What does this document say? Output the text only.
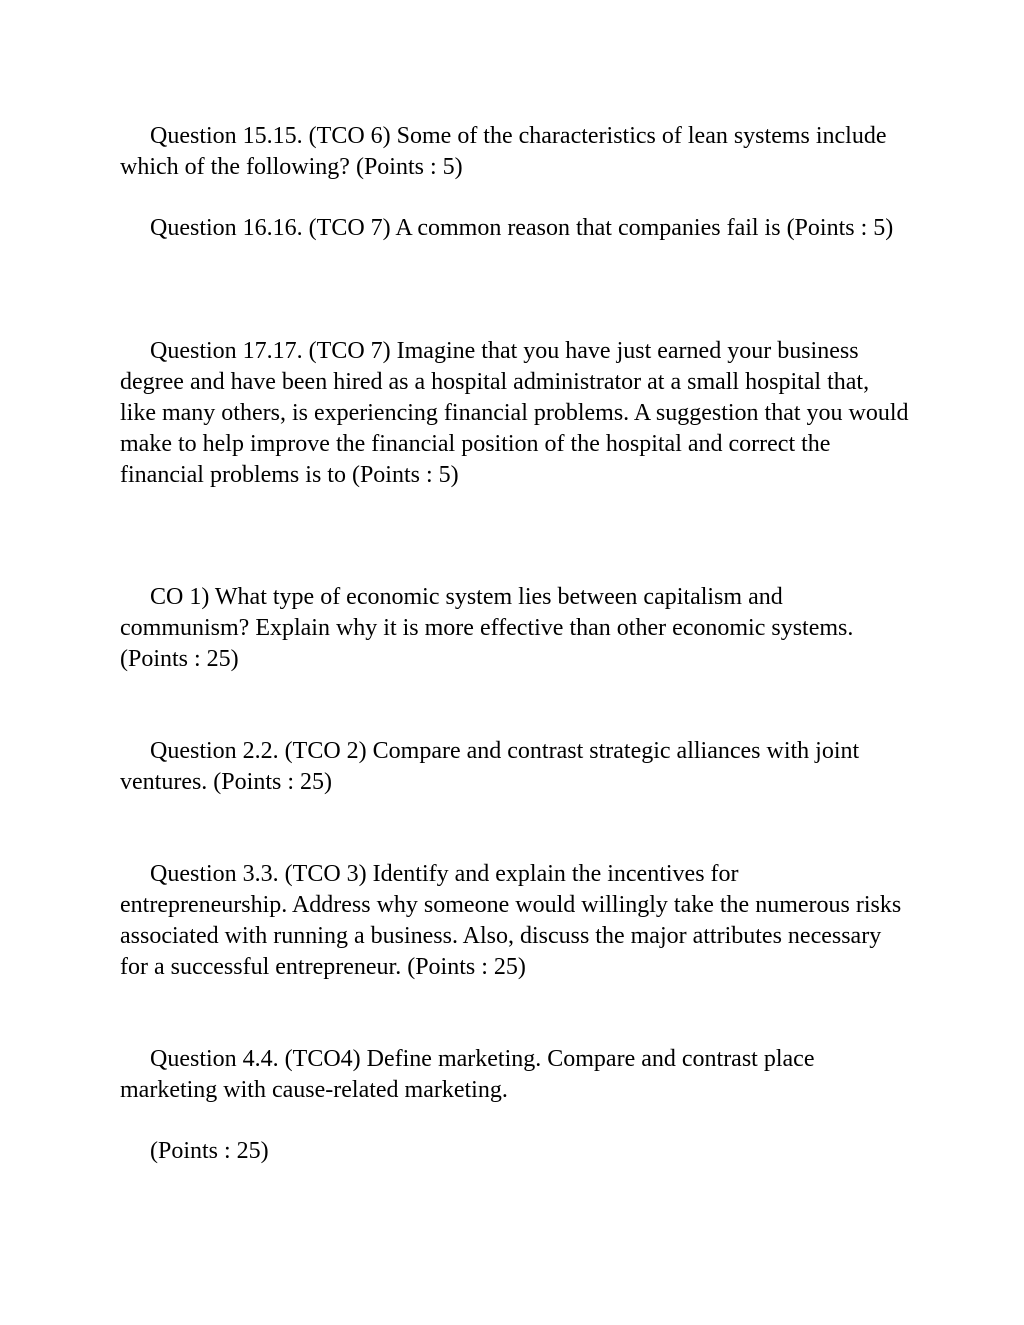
Question 15.15. (TCO 6) Some of the characteristics of lean systems include which of the following? (Points : 5)

Question 16.16. (TCO 7) A common reason that companies fail is (Points : 5)

Question 17.17. (TCO 7) Imagine that you have just earned your business degree and have been hired as a hospital administrator at a small hospital that, like many others, is experiencing financial problems. A suggestion that you would make to help improve the financial position of the hospital and correct the financial problems is to (Points : 5)

CO 1) What type of economic system lies between capitalism and communism? Explain why it is more effective than other economic systems. (Points : 25)

Question 2.2. (TCO 2) Compare and contrast strategic alliances with joint ventures. (Points : 25)

Question 3.3. (TCO 3) Identify and explain the incentives for entrepreneurship. Address why someone would willingly take the numerous risks associated with running a business. Also, discuss the major attributes necessary for a successful entrepreneur. (Points : 25)

Question 4.4. (TCO4) Define marketing. Compare and contrast place marketing with cause-related marketing.

(Points : 25)
